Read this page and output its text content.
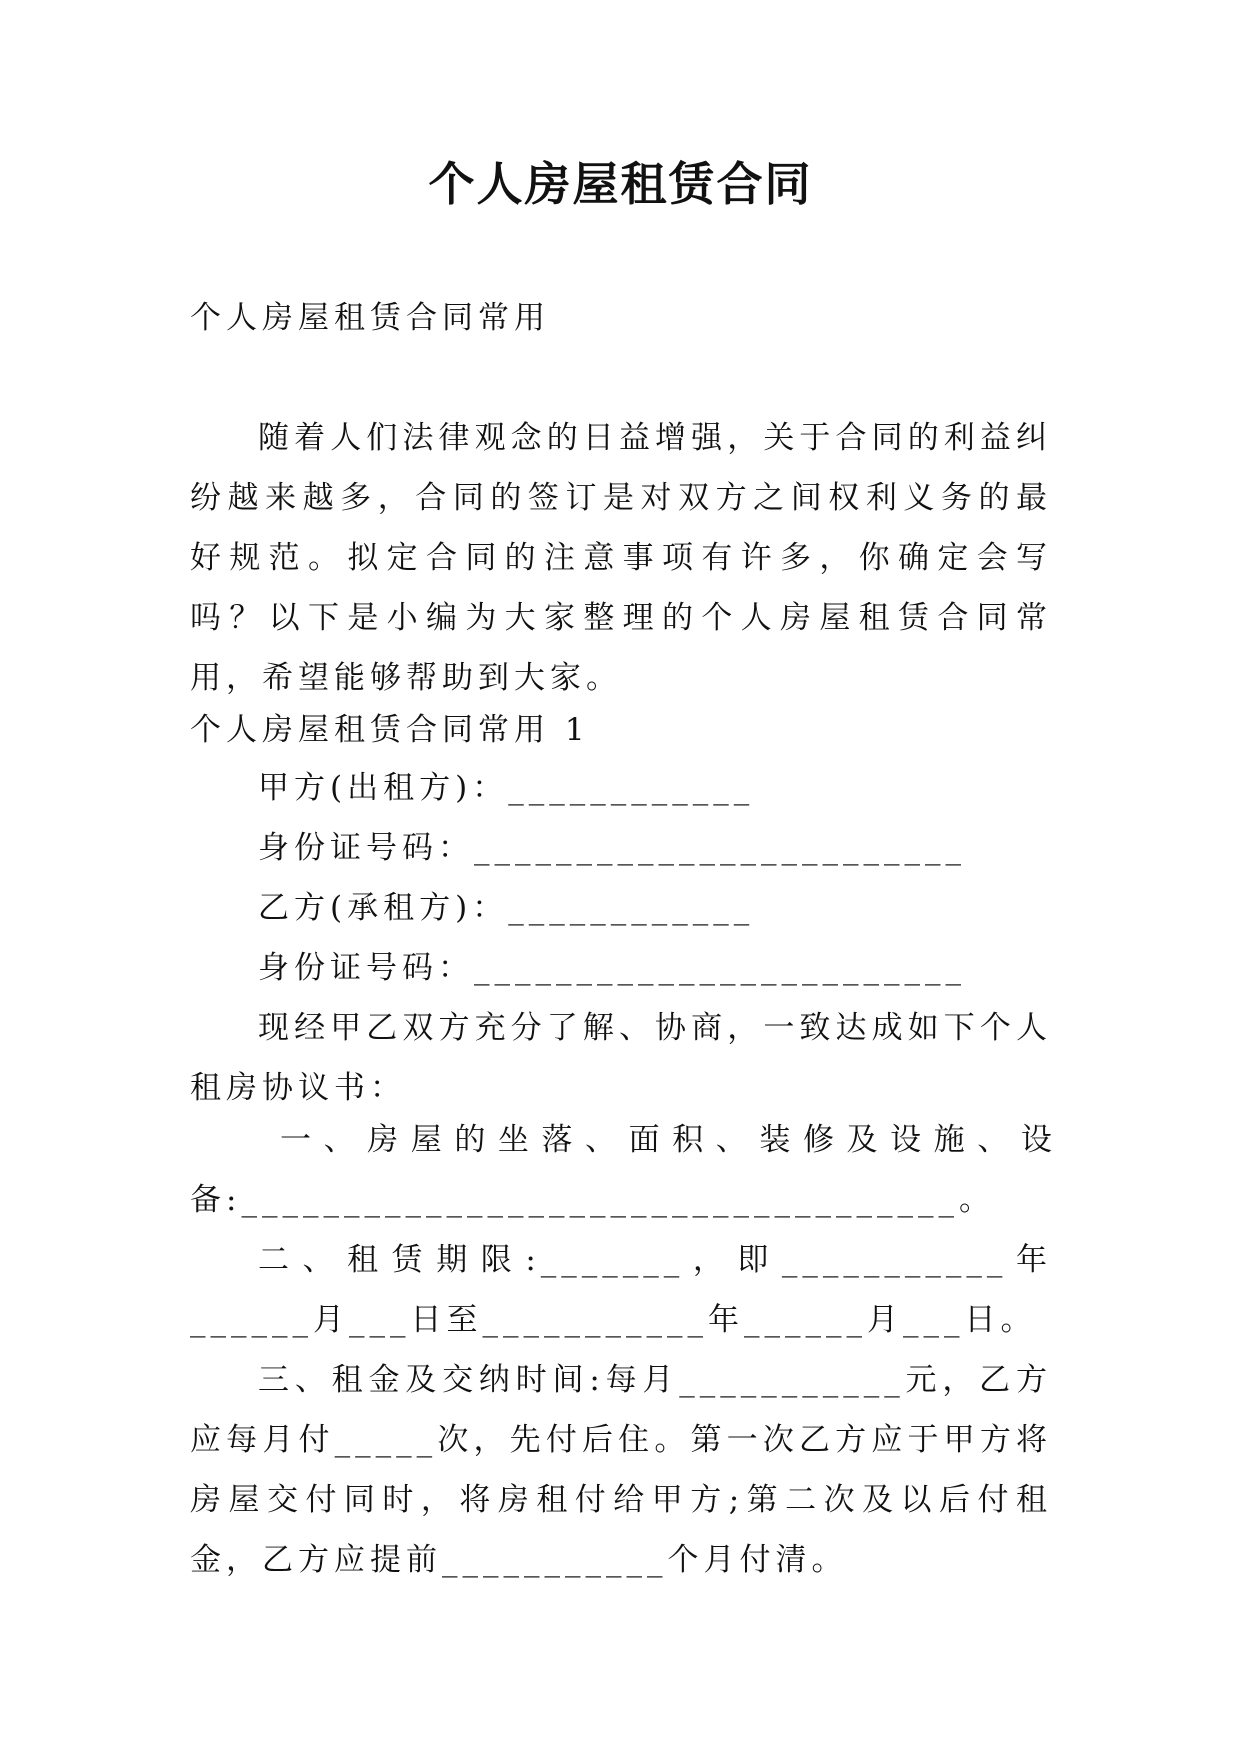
个人房屋租赁合同

个人房屋租赁合同常用

随着人们法律观念的日益增强，关于合同的利益纠纷越来越多，合同的签订是对双方之间权利义务的最好规范。拟定合同的注意事项有许多，你确定会写吗？以下是小编为大家整理的个人房屋租赁合同常用，希望能够帮助到大家。

个人房屋租赁合同常用 1

甲方(出租方)：____________

身份证号码：________________________

乙方(承租方)：____________

身份证号码：________________________

现经甲乙双方充分了解、协商，一致达成如下个人租房协议书：

一 、 房 屋 的 坐 落 、 面 积 、 装 修 及 设 施 、 设
备:___________________________________。

二、租赁期限:_______，即___________年______月___日至___________年______月___日。

三、租金及交纳时间:每月___________元，乙方应每月付_____次，先付后住。第一次乙方应于甲方将房屋交付同时，将房租付给甲方;第二次及以后付租金，乙方应提前___________个月付清。
